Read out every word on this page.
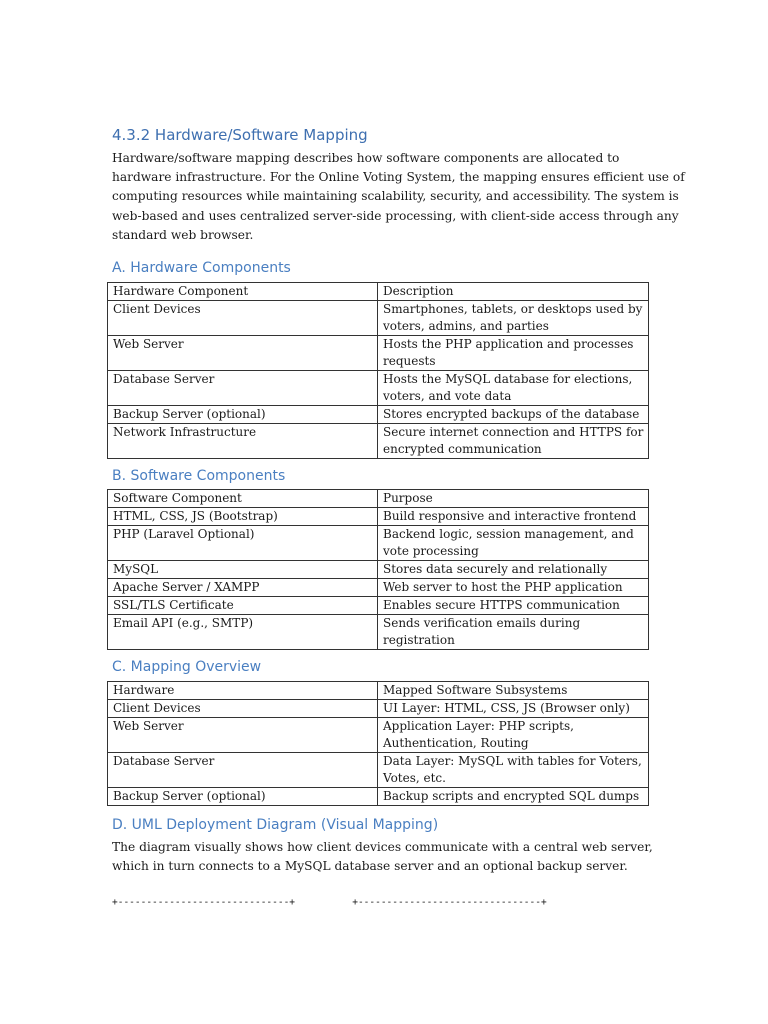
4.3.2 Hardware/Software Mapping

Hardware/software mapping describes how software components are allocated to
hardware infrastructure. For the Online Voting System, the mapping ensures efficient use of
computing resources while maintaining scalability, security, and accessibility. The system is
web-based and uses centralized server-side processing, with client-side access through any
standard web browser.

A. Hardware Components
Hardware Component	Description

Client Devices	Smartphones, tablets, or desktops used by
voters, admins, and parties

Web Server	Hosts the PHP application and processes
requests

Database Server	Hosts the MySQL database for elections,
voters, and vote data

Backup Server (optional)	Stores encrypted backups of the database

Network Infrastructure	Secure internet connection and HTTPS for
encrypted communication
B. Software Components
Software Component	Purpose

HTML, CSS, JS (Bootstrap)	Build responsive and interactive frontend

PHP (Laravel Optional)	Backend logic, session management, and
vote processing

MySQL	Stores data securely and relationally

Apache Server / XAMPP	Web server to host the PHP application

SSL/TLS Certificate	Enables secure HTTPS communication

Email API (e.g., SMTP)	Sends verification emails during
registration
C. Mapping Overview
Hardware	Mapped Software Subsystems

Client Devices	UI Layer: HTML, CSS, JS (Browser only)

Web Server	Application Layer: PHP scripts,
Authentication, Routing

Database Server	Data Layer: MySQL with tables for Voters,
Votes, etc.

Backup Server (optional)	Backup scripts and encrypted SQL dumps
D. UML Deployment Diagram (Visual Mapping)

The diagram visually shows how client devices communicate with a central web server,
which in turn connects to a MySQL database server and an optional backup server.

+------------------------------+          +--------------------------------+
